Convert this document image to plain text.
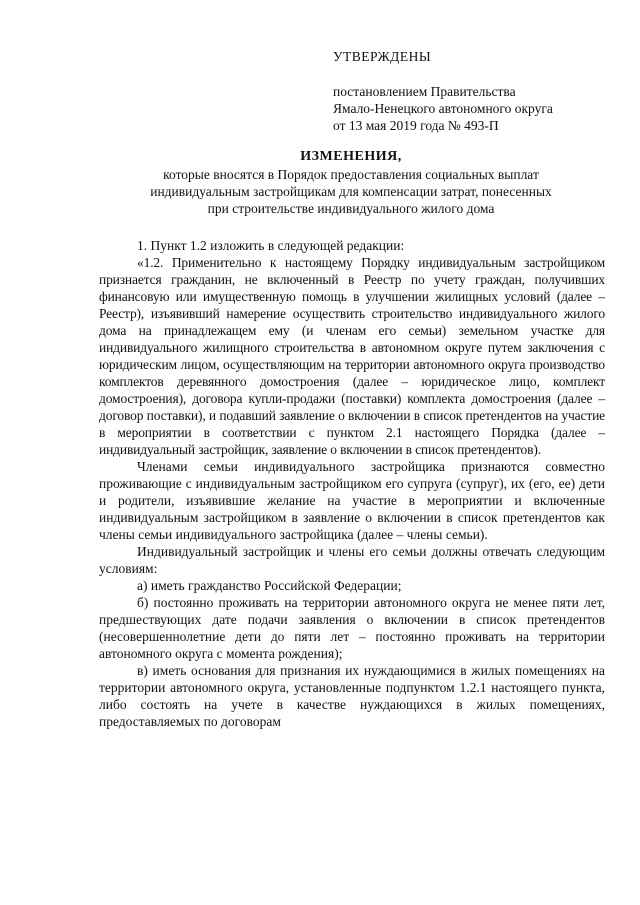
УТВЕРЖДЕНЫ
постановлением Правительства
Ямало-Ненецкого автономного округа
от 13 мая 2019 года № 493-П
ИЗМЕНЕНИЯ,
которые вносятся в Порядок предоставления социальных выплат
индивидуальным застройщикам для компенсации затрат, понесенных
при строительстве индивидуального жилого дома

1. Пункт 1.2 изложить в следующей редакции:

«1.2. Применительно к настоящему Порядку индивидуальным застройщиком признается гражданин, не включенный в Реестр по учету граждан, получивших финансовую или имущественную помощь в улучшении жилищных условий (далее – Реестр), изъявивший намерение осуществить строительство индивидуального жилого дома на принадлежащем ему (и членам его семьи) земельном участке для индивидуального жилищного строительства в автономном округе путем заключения с юридическим лицом, осуществляющим на территории автономного округа производство комплектов деревянного домостроения (далее – юридическое лицо, комплект домостроения), договора купли-продажи (поставки) комплекта домостроения (далее – договор поставки), и подавший заявление о включении в список претендентов на участие в мероприятии в соответствии с пунктом 2.1 настоящего Порядка (далее – индивидуальный застройщик, заявление о включении в список претендентов).

Членами семьи индивидуального застройщика признаются совместно проживающие с индивидуальным застройщиком его супруга (супруг), их (его, ее) дети и родители, изъявившие желание на участие в мероприятии и включенные индивидуальным застройщиком в заявление о включении в список претендентов как члены семьи индивидуального застройщика (далее – члены семьи).

Индивидуальный застройщик и члены его семьи должны отвечать следующим условиям:

а) иметь гражданство Российской Федерации;

б) постоянно проживать на территории автономного округа не менее пяти лет, предшествующих дате подачи заявления о включении в список претендентов (несовершеннолетние дети до пяти лет – постоянно проживать на территории автономного округа с момента рождения);

в) иметь основания для признания их нуждающимися в жилых помещениях на территории автономного округа, установленные подпунктом 1.2.1 настоящего пункта, либо состоять на учете в качестве нуждающихся в жилых помещениях, предоставляемых по договорам
